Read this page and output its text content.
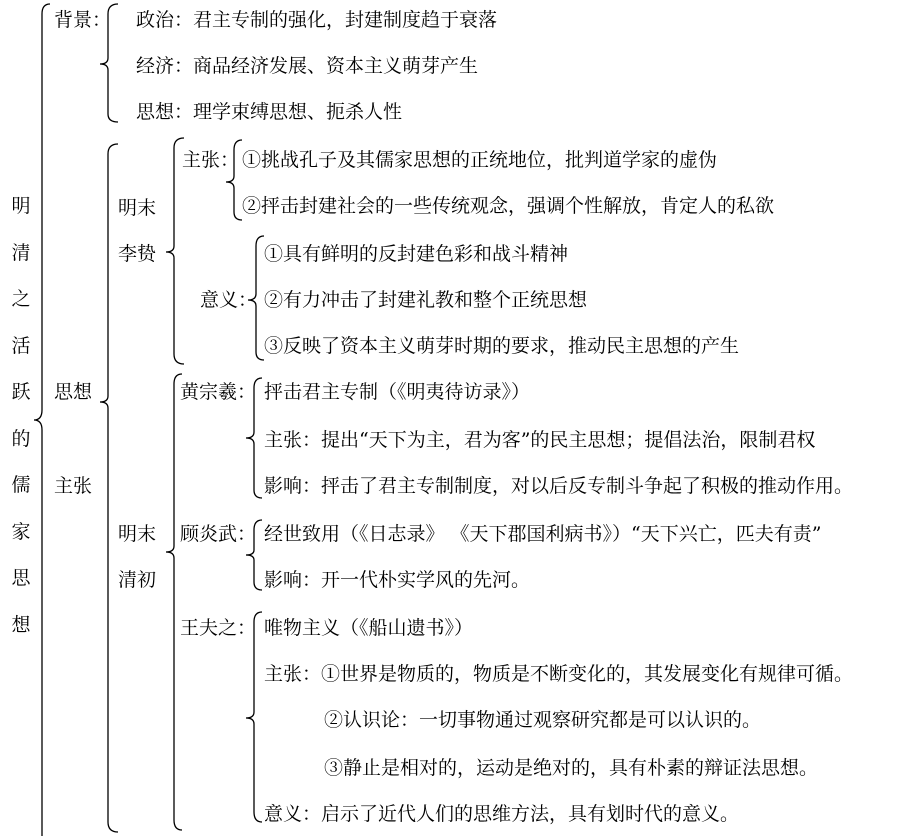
明
清
之
活
跃
的
儒
家
思
想
背景： 政治：君主专制的强化，封建制度趋于衰落
经济：商品经济发展、资本主义萌芽产生
思想：理学束缚思想、扼杀人性
思想
主张
明末
李贽
主张： ①挑战孔子及其儒家思想的正统地位，批判道学家的虚伪
②抨击封建社会的一些传统观念，强调个性解放，肯定人的私欲
意义：
①具有鲜明的反封建色彩和战斗精神
②有力冲击了封建礼教和整个正统思想
③反映了资本主义萌芽时期的要求，推动民主思想的产生
明末
清初
黄宗羲： 抨击君主专制（《明夷待访录》）
主张：提出“天下为主，君为客”的民主思想；提倡法治，限制君权
影响：抨击了君主专制制度，对以后反专制斗争起了积极的推动作用。
顾炎武： 经世致用（《日志录》 《天下郡国利病书》）“天下兴亡，匹夫有责”
影响：开一代朴实学风的先河。
王夫之： 唯物主义（《船山遗书》）
主张：①世界是物质的，物质是不断变化的，其发展变化有规律可循。
②认识论：一切事物通过观察研究都是可以认识的。
③静止是相对的，运动是绝对的，具有朴素的辩证法思想。
意义：启示了近代人们的思维方法，具有划时代的意义。
